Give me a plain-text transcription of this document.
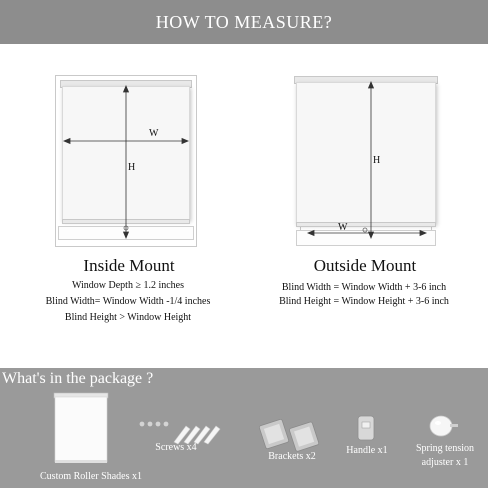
HOW TO MEASURE?
W
H
Inside Mount
Window Depth ≥ 1.2 inches
Blind Width= Window Width -1/4 inches
Blind Height > Window Height
H
W
Outside Mount
Blind Width = Window Width + 3-6 inch
Blind Height = Window Height + 3-6 inch
What's in the package ?
Custom Roller Shades x1
Screws x4
Brackets x2
Handle x1	Spring tension
adjuster x 1
